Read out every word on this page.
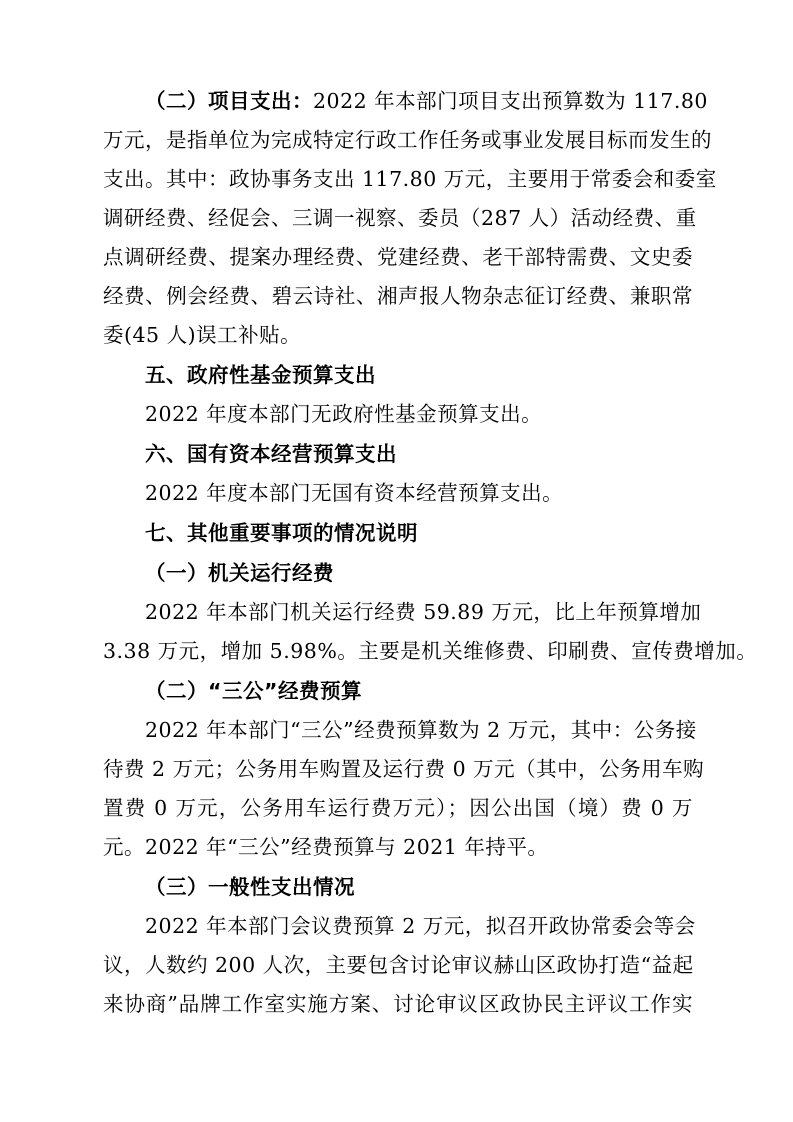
（二）项目支出：2022 年本部门项目支出预算数为 117.80
万元，是指单位为完成特定行政工作任务或事业发展目标而发生的
支出。其中：政协事务支出 117.80 万元，主要用于常委会和委室
调研经费、经促会、三调一视察、委员（287 人）活动经费、重
点调研经费、提案办理经费、党建经费、老干部特需费、文史委
经费、例会经费、碧云诗社、湘声报人物杂志征订经费、兼职常
委(45 人)误工补贴。
五、政府性基金预算支出
2022 年度本部门无政府性基金预算支出。
六、国有资本经营预算支出
2022 年度本部门无国有资本经营预算支出。
七、其他重要事项的情况说明
（一）机关运行经费
2022 年本部门机关运行经费 59.89 万元，比上年预算增加
3.38 万元，增加 5.98%。主要是机关维修费、印刷费、宣传费增加。
（二）“三公”经费预算
2022 年本部门“三公”经费预算数为 2 万元，其中：公务接
待费 2 万元；公务用车购置及运行费 0 万元（其中，公务用车购
置费 0 万元，公务用车运行费万元）；因公出国（境）费 0 万
元。2022 年“三公”经费预算与 2021 年持平。
（三）一般性支出情况
2022 年本部门会议费预算 2 万元，拟召开政协常委会等会
议，人数约 200 人次，主要包含讨论审议赫山区政协打造“益起
来协商”品牌工作室实施方案、讨论审议区政协民主评议工作实
